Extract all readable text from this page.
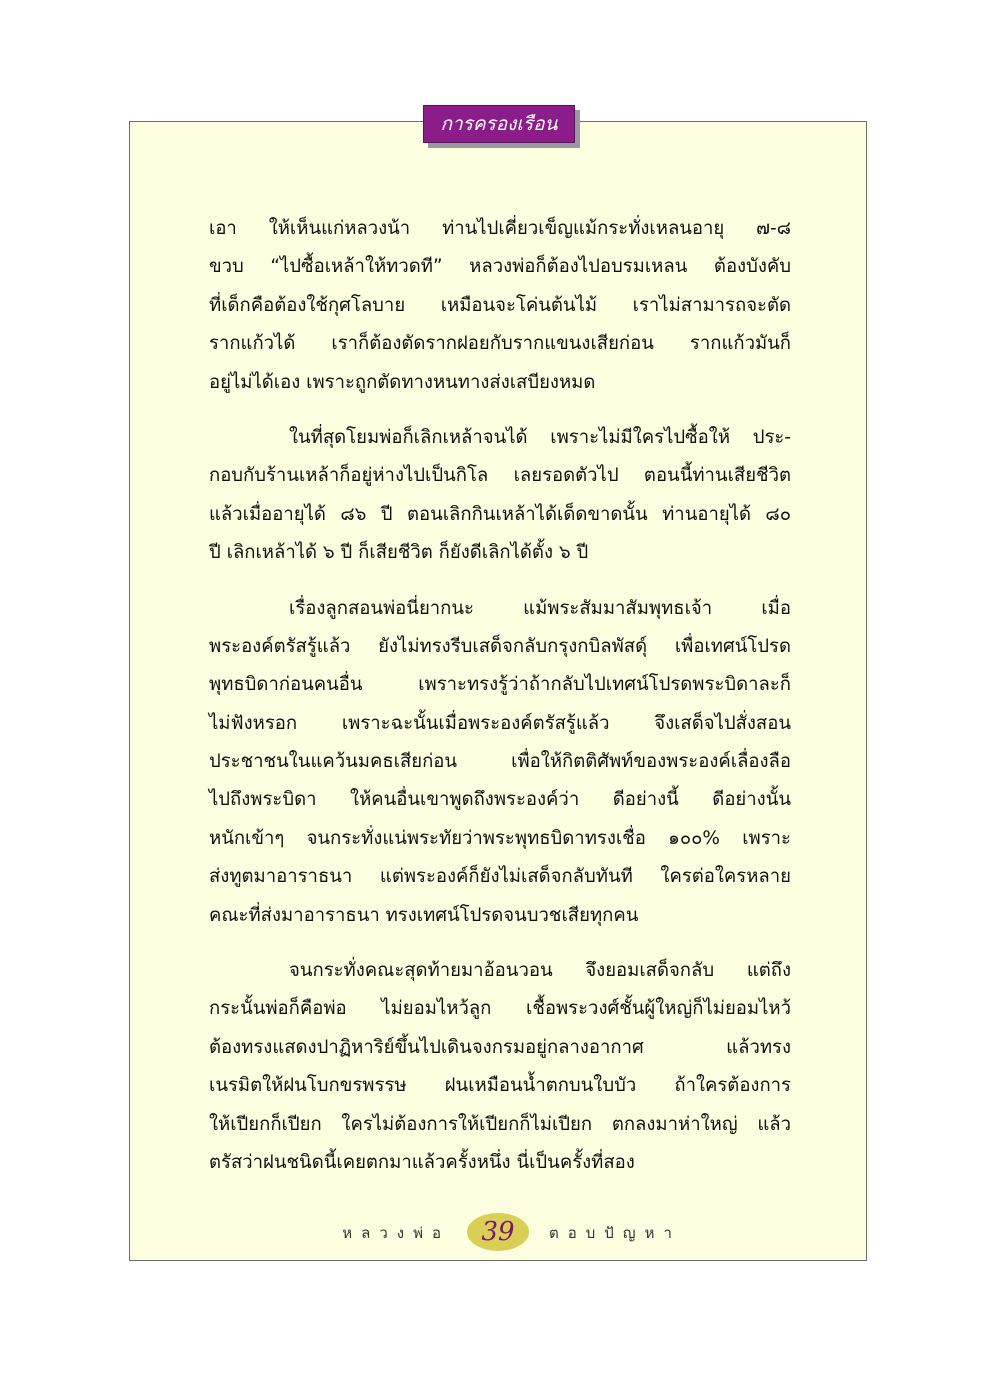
การครองเรือน

เอา ให้เห็นแก่หลวงน้า ท่านไปเคี่ยวเข็ญแม้กระทั่งเหลนอายุ ๗-๘
ขวบ “ไปซื้อเหล้าให้ทวดที” หลวงพ่อก็ต้องไปอบรมเหลน ต้องบังคับ
ที่เด็กคือต้องใช้กุศโลบาย เหมือนจะโค่นต้นไม้ เราไม่สามารถจะตัด
รากแก้วได้ เราก็ต้องตัดรากฝอยกับรากแขนงเสียก่อน รากแก้วมันก็
อยู่ไม่ได้เอง เพราะถูกตัดทางหนทางส่งเสบียงหมด

ในที่สุดโยมพ่อก็เลิกเหล้าจนได้ เพราะไม่มีใครไปซื้อให้ ประ-
กอบกับร้านเหล้าก็อยู่ห่างไปเป็นกิโล เลยรอดตัวไป ตอนนี้ท่านเสียชีวิต
แล้วเมื่ออายุได้ ๘๖ ปี ตอนเลิกกินเหล้าได้เด็ดขาดนั้น ท่านอายุได้ ๘๐
ปี เลิกเหล้าได้ ๖ ปี ก็เสียชีวิต ก็ยังดีเลิกได้ตั้ง ๖ ปี

เรื่องลูกสอนพ่อนี่ยากนะ แม้พระสัมมาสัมพุทธเจ้า เมื่อ
พระองค์ตรัสรู้แล้ว ยังไม่ทรงรีบเสด็จกลับกรุงกบิลพัสดุ์ เพื่อเทศน์โปรด
พุทธบิดาก่อนคนอื่น เพราะทรงรู้ว่าถ้ากลับไปเทศน์โปรดพระบิดาละก็
ไม่ฟังหรอก เพราะฉะนั้นเมื่อพระองค์ตรัสรู้แล้ว จึงเสด็จไปสั่งสอน
ประชาชนในแคว้นมคธเสียก่อน เพื่อให้กิตติศัพท์ของพระองค์เลื่องลือ
ไปถึงพระบิดา ให้คนอื่นเขาพูดถึงพระองค์ว่า ดีอย่างนี้ ดีอย่างนั้น
หนักเข้าๆ จนกระทั่งแน่พระทัยว่าพระพุทธบิดาทรงเชื่อ ๑๐๐% เพราะ
ส่งทูตมาอาราธนา แต่พระองค์ก็ยังไม่เสด็จกลับทันที ใครต่อใครหลาย
คณะที่ส่งมาอาราธนา ทรงเทศน์โปรดจนบวชเสียทุกคน

จนกระทั่งคณะสุดท้ายมาอ้อนวอน จึงยอมเสด็จกลับ แต่ถึง
กระนั้นพ่อก็คือพ่อ ไม่ยอมไหว้ลูก เชื้อพระวงศ์ชั้นผู้ใหญ่ก็ไม่ยอมไหว้
ต้องทรงแสดงปาฏิหาริย์ขึ้นไปเดินจงกรมอยู่กลางอากาศ แล้วทรง
เนรมิตให้ฝนโบกขรพรรษ ฝนเหมือนน้ำตกบนใบบัว ถ้าใครต้องการ
ให้เปียกก็เปียก ใครไม่ต้องการให้เปียกก็ไม่เปียก ตกลงมาห่าใหญ่ แล้ว
ตรัสว่าฝนชนิดนี้เคยตกมาแล้วครั้งหนึ่ง นี่เป็นครั้งที่สอง

หลวงพ่อ	39	ตอบปัญหา
